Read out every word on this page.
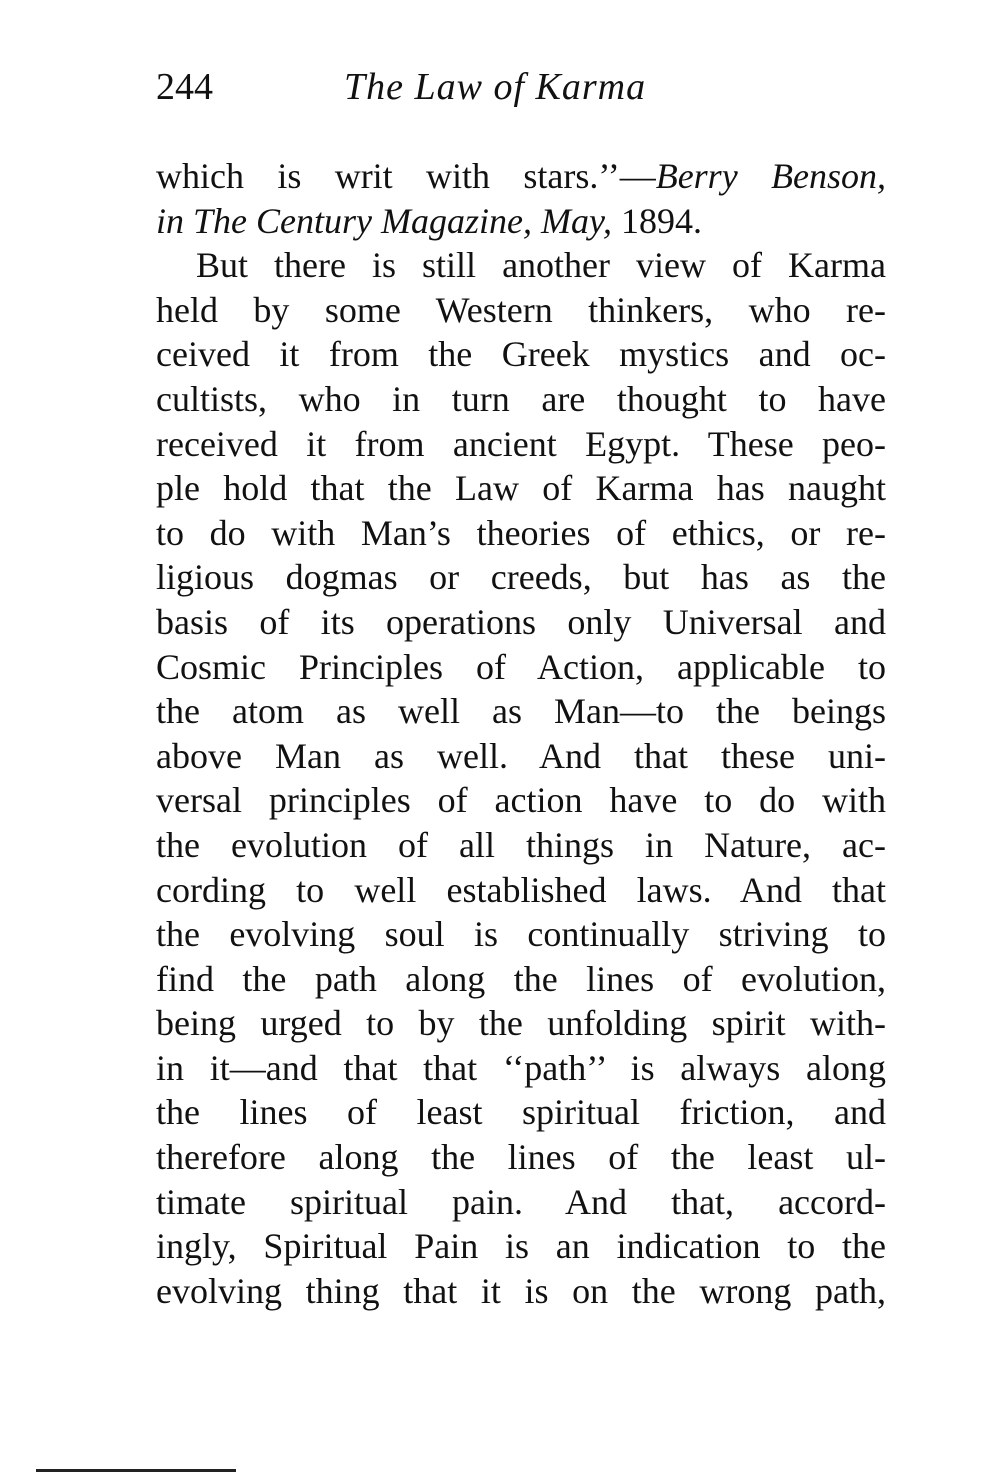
244	The Law of Karma
which is writ with stars.’’—Berry Benson,
in The Century Magazine, May, 1894.
But there is still another view of Karma
held by some Western thinkers, who re-
ceived it from the Greek mystics and oc-
cultists, who in turn are thought to have
received it from ancient Egypt. These peo-
ple hold that the Law of Karma has naught
to do with Man’s theories of ethics, or re-
ligious dogmas or creeds, but has as the
basis of its operations only Universal and
Cosmic Principles of Action, applicable to
the atom as well as Man—to the beings
above Man as well. And that these uni-
versal principles of action have to do with
the evolution of all things in Nature, ac-
cording to well established laws. And that
the evolving soul is continually striving to
find the path along the lines of evolution,
being urged to by the unfolding spirit with-
in it—and that that ‘‘path’’ is always along
the lines of least spiritual friction, and
therefore along the lines of the least ul-
timate spiritual pain. And that, accord-
ingly, Spiritual Pain is an indication to the
evolving thing that it is on the wrong path,
